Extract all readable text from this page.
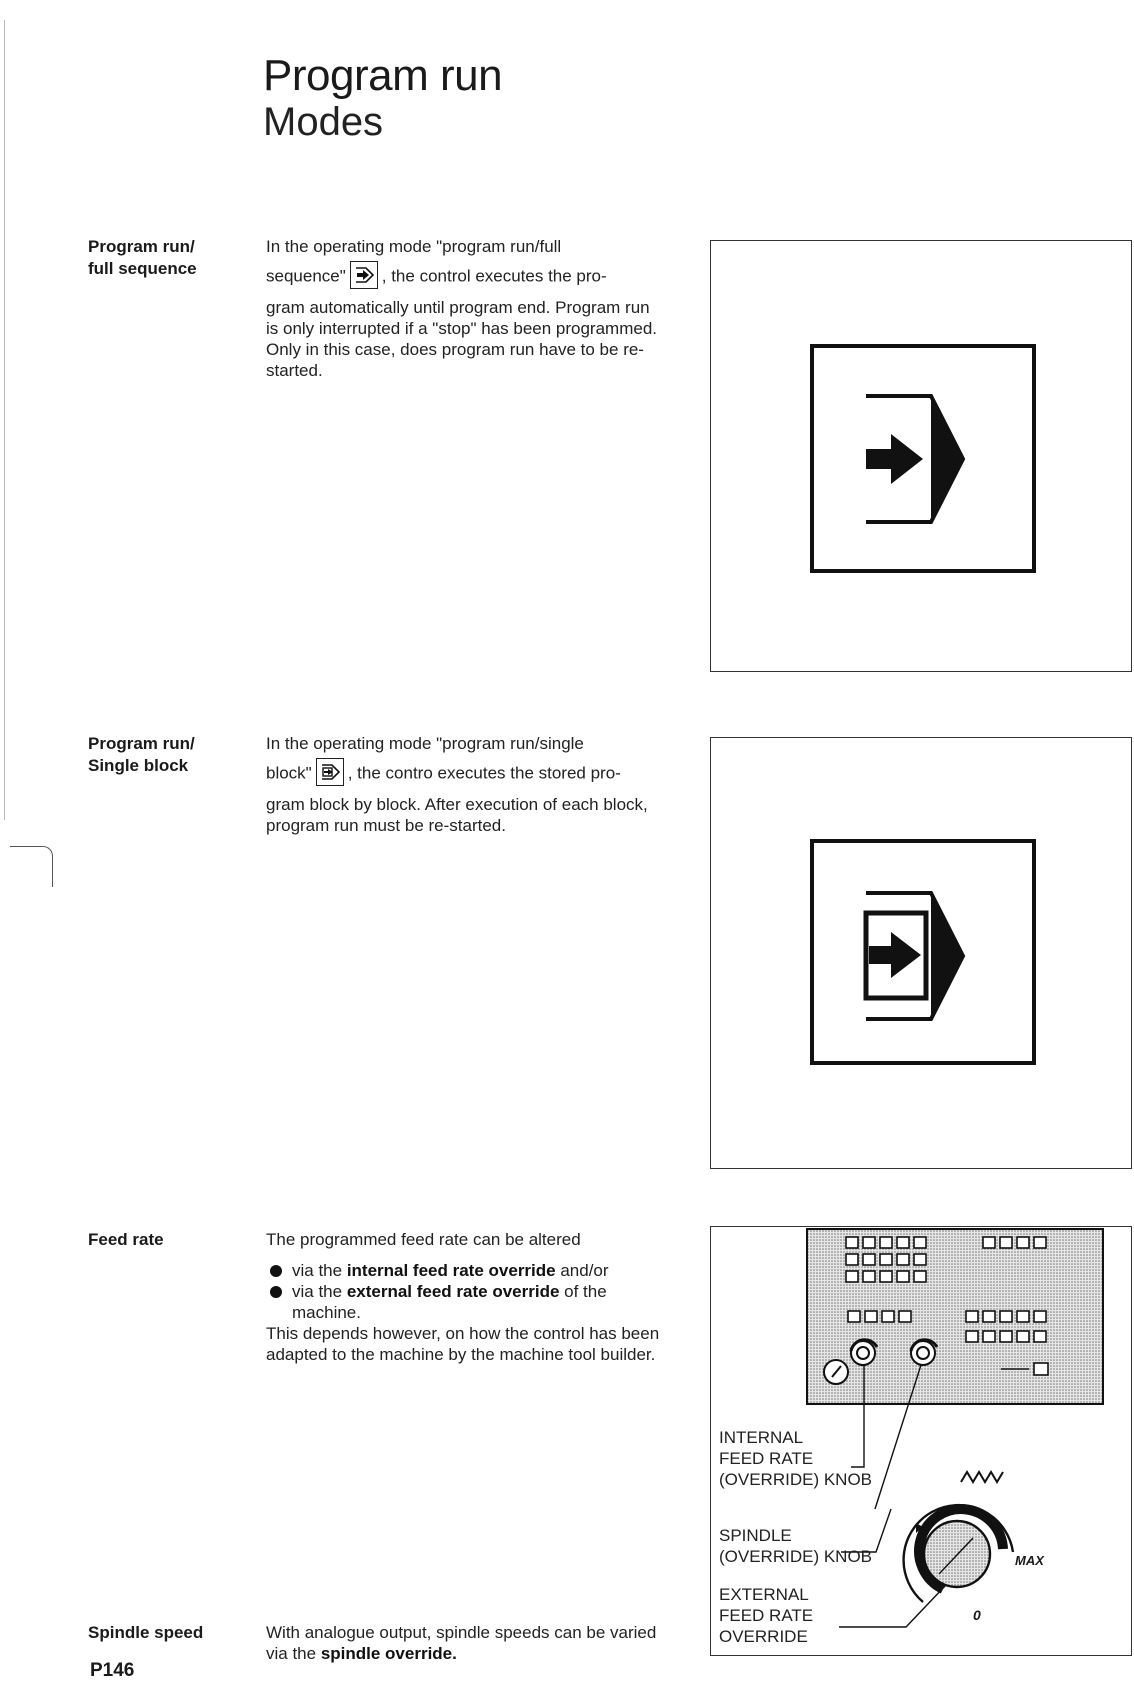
Program run
Modes
Program run/
full sequence
In the operating mode "program run/full
sequence" , the control executes the pro-
gram automatically until program end. Program run is only interrupted if a "stop" has been programmed. Only in this case, does program run have to be re-started.
Program run/
Single block
In the operating mode "program run/single
block" , the contro executes the stored pro-
gram block by block. After execution of each block, program run must be re-started.
Feed rate	The programmed feed rate can be altered
via the internal feed rate override and/or
via the external feed rate override of the machine.
This depends however, on how the control has been adapted to the machine by the machine tool builder.
INTERNAL
FEED RATE
(OVERRIDE) KNOB
SPINDLE
(OVERRIDE) KNOB
EXTERNAL
FEED RATE
OVERRIDE
MAX
0
Spindle speed	With analogue output, spindle speeds can be varied via the spindle override.
P146
